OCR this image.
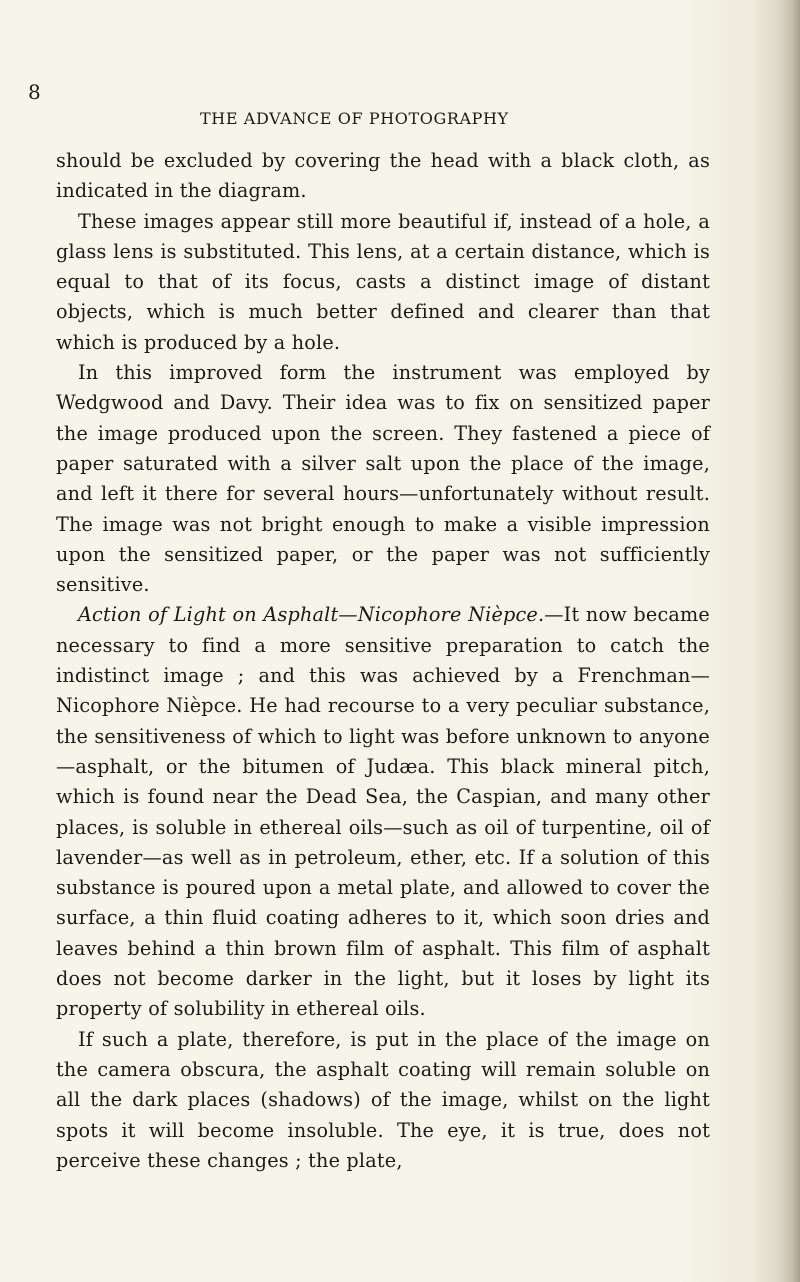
8
THE ADVANCE OF PHOTOGRAPHY

should be excluded by covering the head with a black cloth, as indicated in the diagram.

These images appear still more beautiful if, instead of a hole, a glass lens is substituted. This lens, at a certain distance, which is equal to that of its focus, casts a distinct image of distant objects, which is much better defined and clearer than that which is produced by a hole.

In this improved form the instrument was employed by Wedgwood and Davy. Their idea was to fix on sensitized paper the image produced upon the screen. They fastened a piece of paper saturated with a silver salt upon the place of the image, and left it there for several hours—unfortunately without result. The image was not bright enough to make a visible impression upon the sensitized paper, or the paper was not sufficiently sensitive.

Action of Light on Asphalt—Nicophore Nièpce.—It now became necessary to find a more sensitive preparation to catch the indistinct image ; and this was achieved by a Frenchman—Nicophore Nièpce. He had recourse to a very peculiar substance, the sensitiveness of which to light was before unknown to anyone—asphalt, or the bitumen of Judæa. This black mineral pitch, which is found near the Dead Sea, the Caspian, and many other places, is soluble in ethereal oils—such as oil of turpentine, oil of lavender—as well as in petroleum, ether, etc. If a solution of this substance is poured upon a metal plate, and allowed to cover the surface, a thin fluid coating adheres to it, which soon dries and leaves behind a thin brown film of asphalt. This film of asphalt does not become darker in the light, but it loses by light its property of solubility in ethereal oils.

If such a plate, therefore, is put in the place of the image on the camera obscura, the asphalt coating will remain soluble on all the dark places (shadows) of the image, whilst on the light spots it will become insoluble. The eye, it is true, does not perceive these changes ; the plate,
